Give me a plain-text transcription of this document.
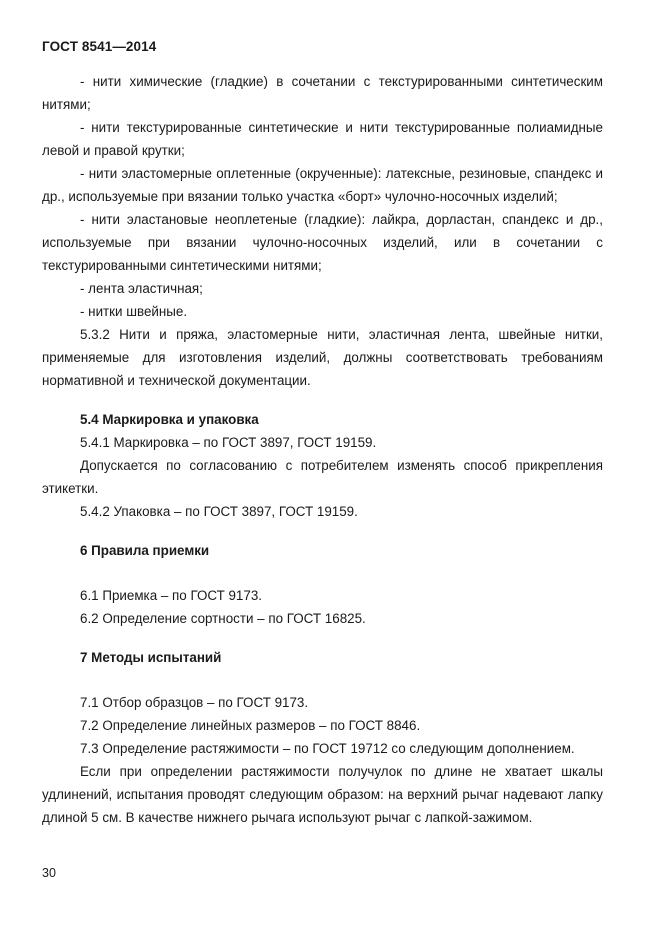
ГОСТ 8541—2014

- нити химические (гладкие) в сочетании с текстурированными синтетическим нитями;

- нити текстурированные синтетические и нити текстурированные полиамидные левой и правой крутки;

- нити эластомерные оплетенные (окрученные): латексные, резиновые, спандекс и др., используемые при вязании только участка «борт» чулочно-носочных изделий;

- нити эластановые неоплетеные (гладкие): лайкра, дорластан, спандекс и др., используемые при вязании чулочно-носочных изделий, или в сочетании с текстурированными синтетическими нитями;

- лента эластичная;

- нитки швейные.

5.3.2 Нити и пряжа, эластомерные нити, эластичная лента, швейные нитки, применяемые для изготовления изделий, должны соответствовать требованиям нормативной и технической документации.

5.4 Маркировка и упаковка

5.4.1 Маркировка – по ГОСТ 3897, ГОСТ 19159.

Допускается по согласованию с потребителем изменять способ прикрепления этикетки.

5.4.2 Упаковка – по ГОСТ 3897, ГОСТ 19159.

6 Правила приемки

6.1 Приемка – по ГОСТ 9173.

6.2 Определение сортности – по ГОСТ 16825.

7 Методы испытаний

7.1 Отбор образцов – по ГОСТ 9173.

7.2 Определение линейных размеров – по ГОСТ 8846.

7.3 Определение растяжимости – по ГОСТ 19712 со следующим дополнением.

Если при определении растяжимости получулок по длине не хватает шкалы удлинений, испытания проводят следующим образом: на верхний рычаг надевают лапку длиной 5 см. В качестве нижнего рычага используют рычаг с лапкой-зажимом.

30
